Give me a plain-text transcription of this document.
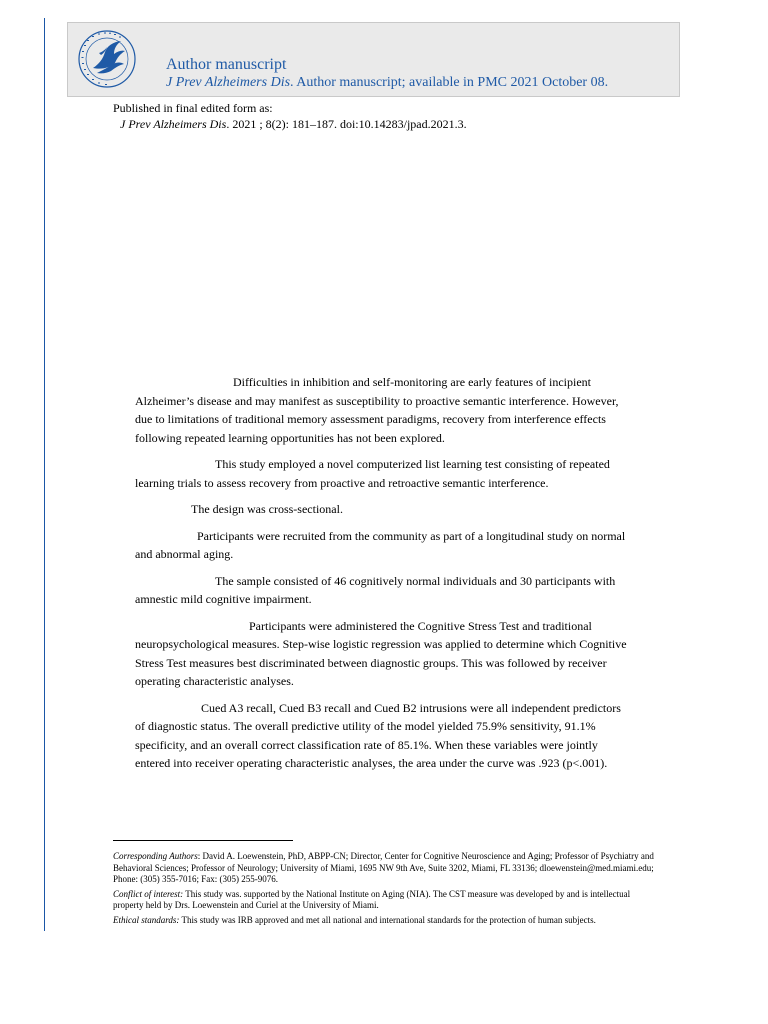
Author manuscript
J Prev Alzheimers Dis. Author manuscript; available in PMC 2021 October 08.
Published in final edited form as:
J Prev Alzheimers Dis. 2021 ; 8(2): 181–187. doi:10.14283/jpad.2021.3.

Difficulties in inhibition and self-monitoring are early features of incipient Alzheimer’s disease and may manifest as susceptibility to proactive semantic interference. However, due to limitations of traditional memory assessment paradigms, recovery from interference effects following repeated learning opportunities has not been explored.

This study employed a novel computerized list learning test consisting of repeated learning trials to assess recovery from proactive and retroactive semantic interference.

The design was cross-sectional.

Participants were recruited from the community as part of a longitudinal study on normal and abnormal aging.

The sample consisted of 46 cognitively normal individuals and 30 participants with amnestic mild cognitive impairment.

Participants were administered the Cognitive Stress Test and traditional neuropsychological measures. Step-wise logistic regression was applied to determine which Cognitive Stress Test measures best discriminated between diagnostic groups. This was followed by receiver operating characteristic analyses.

Cued A3 recall, Cued B3 recall and Cued B2 intrusions were all independent predictors of diagnostic status. The overall predictive utility of the model yielded 75.9% sensitivity, 91.1% specificity, and an overall correct classification rate of 85.1%. When these variables were jointly entered into receiver operating characteristic analyses, the area under the curve was .923 (p<.001).

Corresponding Authors: David A. Loewenstein, PhD, ABPP-CN; Director, Center for Cognitive Neuroscience and Aging; Professor of Psychiatry and Behavioral Sciences; Professor of Neurology; University of Miami, 1695 NW 9th Ave, Suite 3202, Miami, FL 33136; dloewenstein@med.miami.edu; Phone: (305) 355-7016; Fax: (305) 255-9076.

Conflict of interest: This study was. supported by the National Institute on Aging (NIA). The CST measure was developed by and is intellectual property held by Drs. Loewenstein and Curiel at the University of Miami.

Ethical standards: This study was IRB approved and met all national and international standards for the protection of human subjects.
